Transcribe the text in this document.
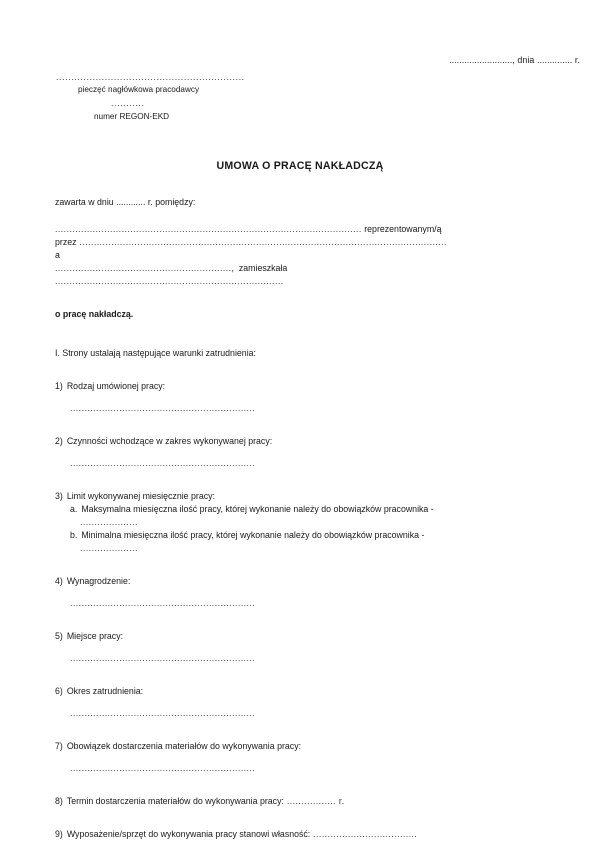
........................., dnia .............. r.
..............................................................
pieczęć nagłówkowa pracodawcy
...........
numer REGON-EKD
UMOWA O PRACĘ NAKŁADCZĄ
zawarta w dniu ............ r. pomiędzy:
.......................................................................................................... reprezentowanym/ą
przez ...............................................................................................................................
a
.............................................................,  zamieszkała
...............................................................................
o pracę nakładczą.
I. Strony ustalają następujące warunki zatrudnienia:
1) Rodzaj umówionej pracy:
................................................................
2) Czynności wchodzące w zakres wykonywanej pracy:
................................................................
3) Limit wykonywanej miesięcznie pracy:
a. Maksymalna miesięczna ilość pracy, której wykonanie należy do obowiązków pracownika -
....................
b. Minimalna miesięczna ilość pracy, której wykonanie należy do obowiązków pracownika -
....................
4) Wynagrodzenie:
................................................................
5) Miejsce pracy:
................................................................
6) Okres zatrudnienia:
................................................................
7) Obowiązek dostarczenia materiałów do wykonywania pracy:
................................................................
8) Termin dostarczenia materiałów do wykonywania pracy: ................. r.
9) Wyposażenie/sprzęt do wykonywania pracy stanowi własność: ....................................
